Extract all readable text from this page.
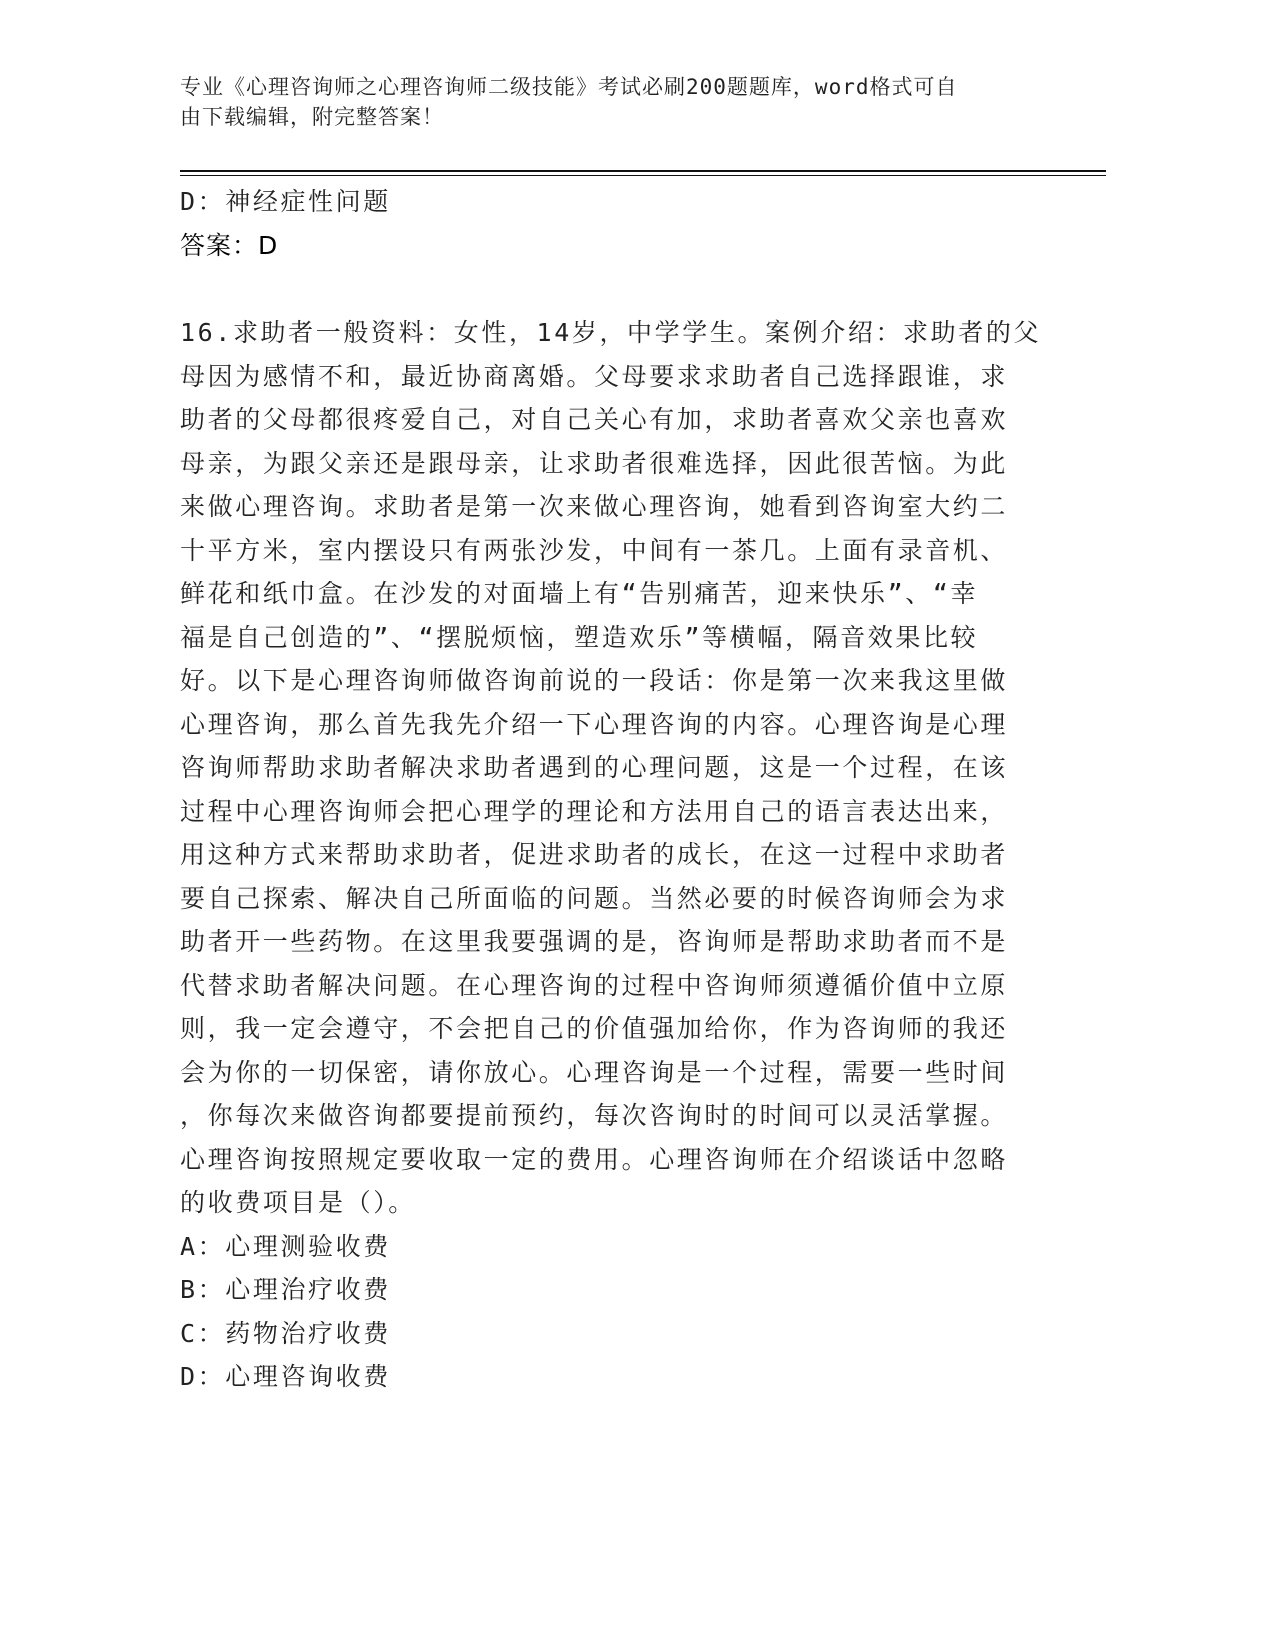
专业《心理咨询师之心理咨询师二级技能》考试必刷200题题库，word格式可自
由下载编辑，附完整答案！
D：神经症性问题
答案：D
16.求助者一般资料：女性，14岁，中学学生。案例介绍：求助者的父
母因为感情不和，最近协商离婚。父母要求求助者自己选择跟谁，求
助者的父母都很疼爱自己，对自己关心有加，求助者喜欢父亲也喜欢
母亲，为跟父亲还是跟母亲，让求助者很难选择，因此很苦恼。为此
来做心理咨询。求助者是第一次来做心理咨询，她看到咨询室大约二
十平方米，室内摆设只有两张沙发，中间有一茶几。上面有录音机、
鲜花和纸巾盒。在沙发的对面墙上有“告别痛苦，迎来快乐”、“幸
福是自己创造的”、“摆脱烦恼，塑造欢乐”等横幅，隔音效果比较
好。以下是心理咨询师做咨询前说的一段话：你是第一次来我这里做
心理咨询，那么首先我先介绍一下心理咨询的内容。心理咨询是心理
咨询师帮助求助者解决求助者遇到的心理问题，这是一个过程，在该
过程中心理咨询师会把心理学的理论和方法用自己的语言表达出来，
用这种方式来帮助求助者，促进求助者的成长，在这一过程中求助者
要自己探索、解决自己所面临的问题。当然必要的时候咨询师会为求
助者开一些药物。在这里我要强调的是，咨询师是帮助求助者而不是
代替求助者解决问题。在心理咨询的过程中咨询师须遵循价值中立原
则，我一定会遵守，不会把自己的价值强加给你，作为咨询师的我还
会为你的一切保密，请你放心。心理咨询是一个过程，需要一些时间
，你每次来做咨询都要提前预约，每次咨询时的时间可以灵活掌握。
心理咨询按照规定要收取一定的费用。心理咨询师在介绍谈话中忽略
的收费项目是（）。
A：心理测验收费
B：心理治疗收费
C：药物治疗收费
D：心理咨询收费
